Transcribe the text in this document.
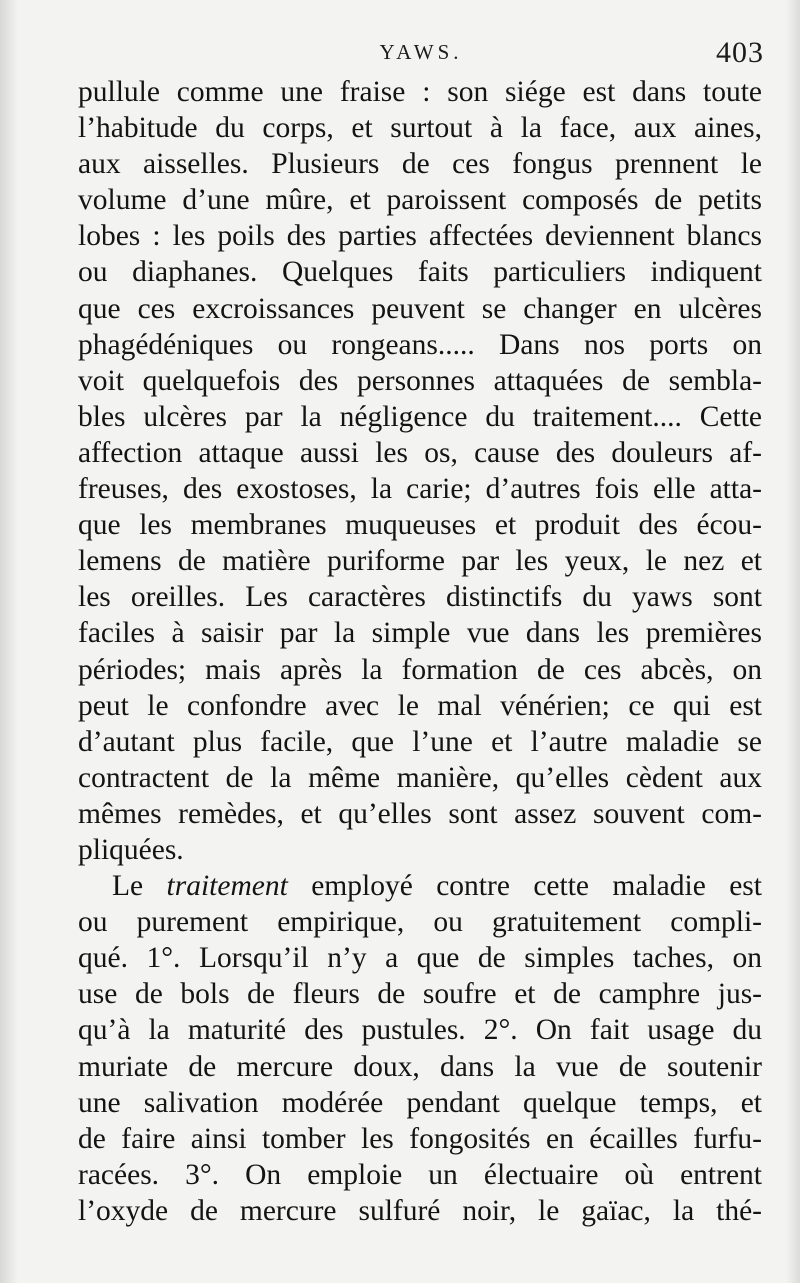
YAWS.	403
pullule comme une fraise : son siége est dans toute
l’habitude du corps, et surtout à la face, aux aines,
aux aisselles. Plusieurs de ces fongus prennent le
volume d’une mûre, et paroissent composés de petits
lobes : les poils des parties affectées deviennent blancs
ou diaphanes. Quelques faits particuliers indiquent
que ces excroissances peuvent se changer en ulcères
phagédéniques ou rongeans..... Dans nos ports on
voit quelquefois des personnes attaquées de sembla-
bles ulcères par la négligence du traitement.... Cette
affection attaque aussi les os, cause des douleurs af-
freuses, des exostoses, la carie; d’autres fois elle atta-
que les membranes muqueuses et produit des écou-
lemens de matière puriforme par les yeux, le nez et
les oreilles. Les caractères distinctifs du yaws sont
faciles à saisir par la simple vue dans les premières
périodes; mais après la formation de ces abcès, on
peut le confondre avec le mal vénérien; ce qui est
d’autant plus facile, que l’une et l’autre maladie se
contractent de la même manière, qu’elles cèdent aux
mêmes remèdes, et qu’elles sont assez souvent com-
pliquées.
Le traitement employé contre cette maladie est
ou purement empirique, ou gratuitement compli-
qué. 1°. Lorsqu’il n’y a que de simples taches, on
use de bols de fleurs de soufre et de camphre jus-
qu’à la maturité des pustules. 2°. On fait usage du
muriate de mercure doux, dans la vue de soutenir
une salivation modérée pendant quelque temps, et
de faire ainsi tomber les fongosités en écailles furfu-
racées. 3°. On emploie un électuaire où entrent
l’oxyde de mercure sulfuré noir, le gaïac, la thé-
